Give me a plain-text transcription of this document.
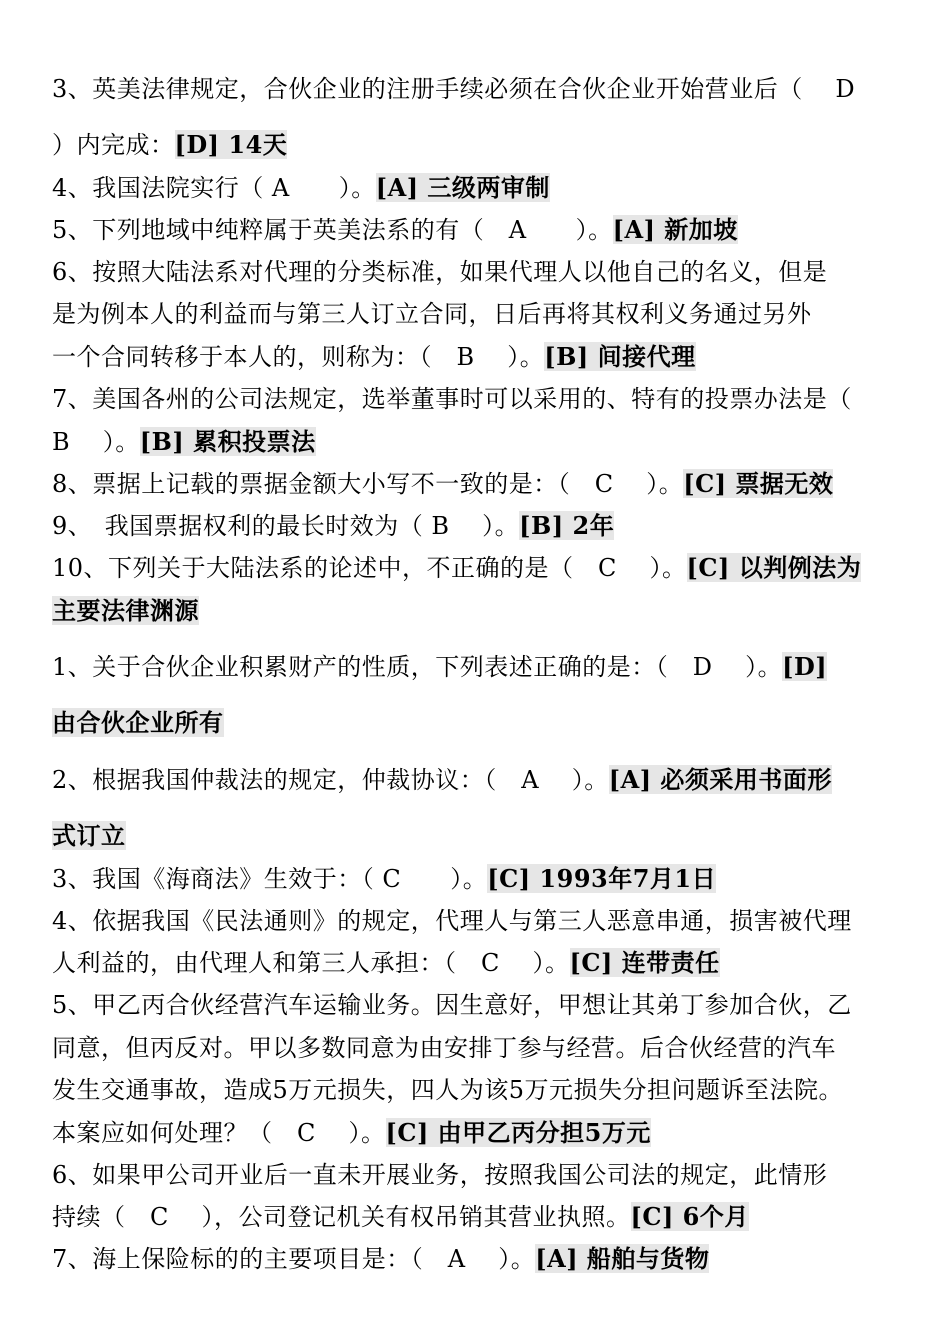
3、英美法律规定，合伙企业的注册手续必须在合伙企业开始营业后（　 D
）内完成：[D] 14天
4、我国法院实行（ A　　）。[A] 三级两审制
5、下列地域中纯粹属于英美法系的有（　A　　）。[A] 新加坡
6、按照大陆法系对代理的分类标准，如果代理人以他自己的名义，但是
是为例本人的利益而与第三人订立合同，日后再将其权利义务通过另外
一个合同转移于本人的，则称为：（　B　 ）。[B] 间接代理
7、美国各州的公司法规定，选举董事时可以采用的、特有的投票办法是（
B　 ）。[B] 累积投票法
8、票据上记载的票据金额大小写不一致的是：（　C　 ）。[C] 票据无效
9、　我国票据权利的最长时效为（ B　 ）。[B] 2年
10、下列关于大陆法系的论述中，不正确的是（　C　 ）。[C] 以判例法为
主要法律渊源
1、关于合伙企业积累财产的性质，下列表述正确的是：（　D　 ）。[D]
由合伙企业所有
2、根据我国仲裁法的规定，仲裁协议：（　A　 ）。[A] 必须采用书面形
式订立
3、我国《海商法》生效于：（ C　　）。[C] 1993年7月1日
4、依据我国《民法通则》的规定，代理人与第三人恶意串通，损害被代理
人利益的，由代理人和第三人承担：（　C　 ）。[C] 连带责任
5、甲乙丙合伙经营汽车运输业务。因生意好，甲想让其弟丁参加合伙，乙
同意，但丙反对。甲以多数同意为由安排丁参与经营。后合伙经营的汽车
发生交通事故，造成5万元损失，四人为该5万元损失分担问题诉至法院。
本案应如何处理？（　C　 ）。[C] 由甲乙丙分担5万元
6、如果甲公司开业后一直未开展业务，按照我国公司法的规定，此情形
持续（　C　 ），公司登记机关有权吊销其营业执照。[C] 6个月
7、海上保险标的的主要项目是：（　A　 ）。[A] 船舶与货物
